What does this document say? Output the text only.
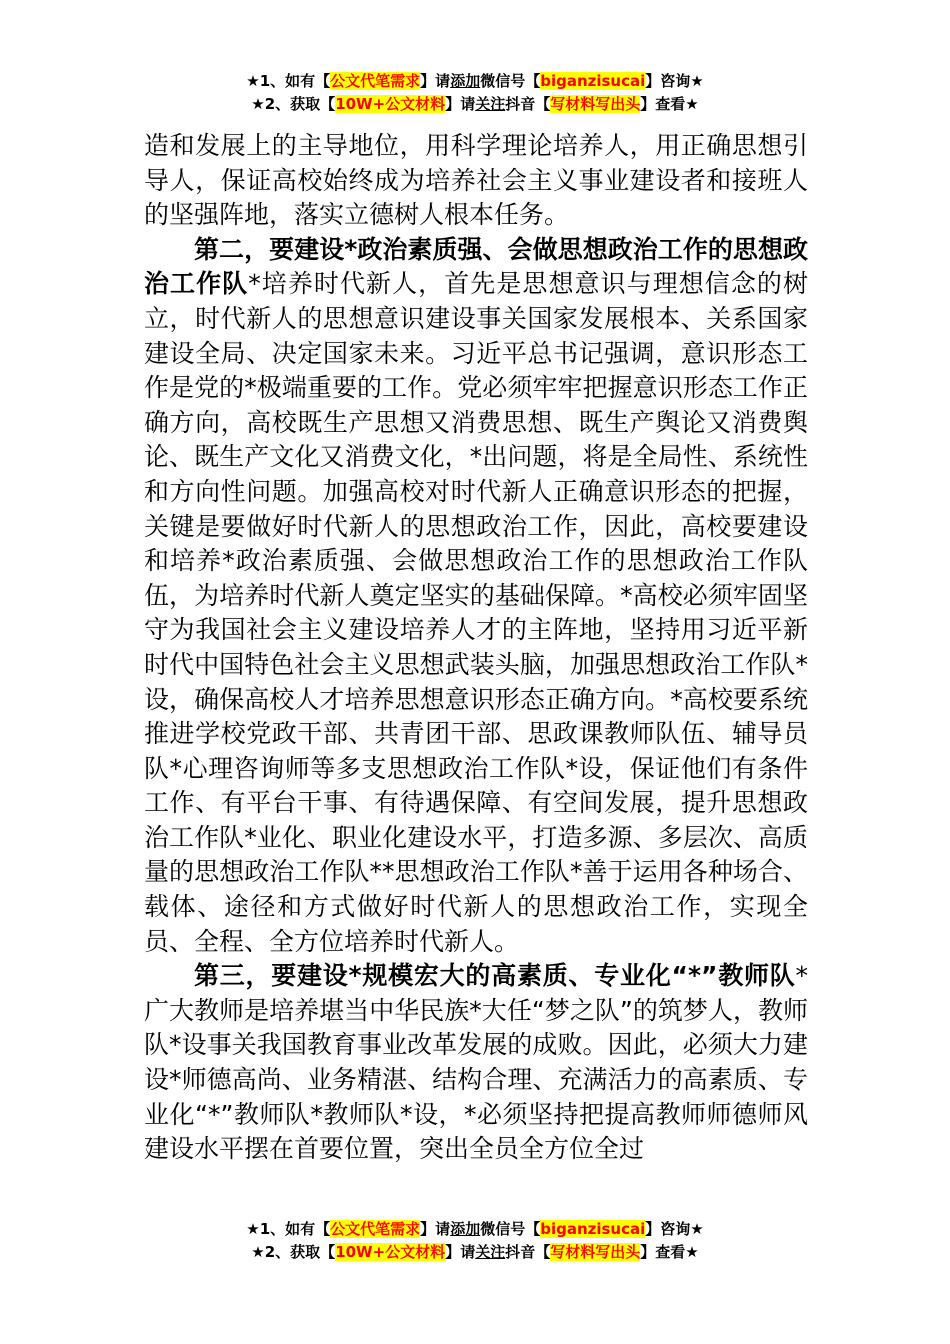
★1、如有【公文代笔需求】请添加微信号【biganzisucai】咨询★
★2、获取【10W+公文材料】请关注抖音【写材料写出头】查看★

造和发展上的主导地位，用科学理论培养人，用正确思想引导人，保证高校始终成为培养社会主义事业建设者和接班人的坚强阵地，落实立德树人根本任务。

第二，要建设*政治素质强、会做思想政治工作的思想政治工作队*培养时代新人，首先是思想意识与理想信念的树立，时代新人的思想意识建设事关国家发展根本、关系国家建设全局、决定国家未来。习近平总书记强调，意识形态工作是党的*极端重要的工作。党必须牢牢把握意识形态工作正确方向，高校既生产思想又消费思想、既生产舆论又消费舆论、既生产文化又消费文化，*出问题，将是全局性、系统性和方向性问题。加强高校对时代新人正确意识形态的把握，关键是要做好时代新人的思想政治工作，因此，高校要建设和培养*政治素质强、会做思想政治工作的思想政治工作队伍，为培养时代新人奠定坚实的基础保障。*高校必须牢固坚守为我国社会主义建设培养人才的主阵地，坚持用习近平新时代中国特色社会主义思想武装头脑，加强思想政治工作队*设，确保高校人才培养思想意识形态正确方向。*高校要系统推进学校党政干部、共青团干部、思政课教师队伍、辅导员队*心理咨询师等多支思想政治工作队*设，保证他们有条件工作、有平台干事、有待遇保障、有空间发展，提升思想政治工作队*业化、职业化建设水平，打造多源、多层次、高质量的思想政治工作队**思想政治工作队*善于运用各种场合、载体、途径和方式做好时代新人的思想政治工作，实现全员、全程、全方位培养时代新人。

第三，要建设*规模宏大的高素质、专业化“*”教师队*广大教师是培养堪当中华民族*大任“梦之队”的筑梦人，教师队*设事关我国教育事业改革发展的成败。因此，必须大力建设*师德高尚、业务精湛、结构合理、充满活力的高素质、专业化“*”教师队*教师队*设，*必须坚持把提高教师师德师风建设水平摆在首要位置，突出全员全方位全过

★1、如有【公文代笔需求】请添加微信号【biganzisucai】咨询★
★2、获取【10W+公文材料】请关注抖音【写材料写出头】查看★
